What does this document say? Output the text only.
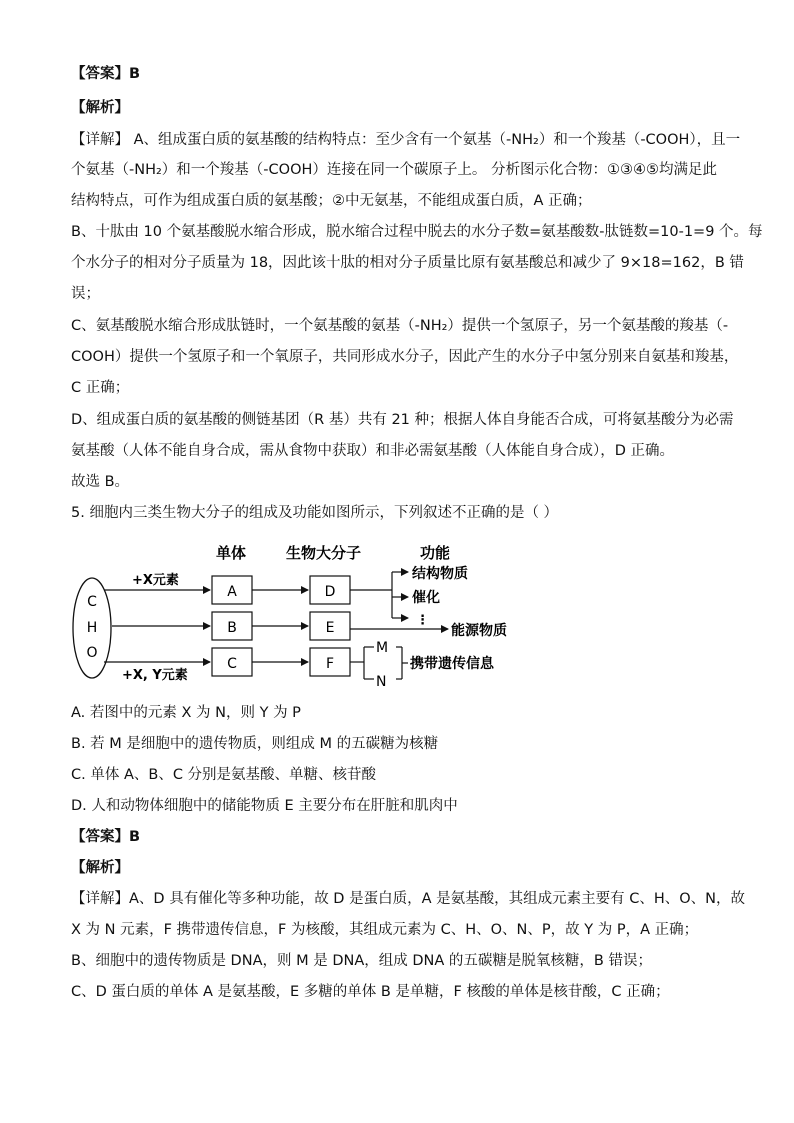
【答案】B
【解析】
【详解】 A、组成蛋白质的氨基酸的结构特点：至少含有一个氨基（-NH₂）和一个羧基（-COOH），且一
个氨基（-NH₂）和一个羧基（-COOH）连接在同一个碳原子上。 分析图示化合物：①③④⑤均满足此
结构特点，可作为组成蛋白质的氨基酸；②中无氨基，不能组成蛋白质，A 正确；
B、十肽由 10 个氨基酸脱水缩合形成，脱水缩合过程中脱去的水分子数=氨基酸数-肽链数=10-1=9 个。每
个水分子的相对分子质量为 18，因此该十肽的相对分子质量比原有氨基酸总和减少了 9×18=162，B 错
误；
C、氨基酸脱水缩合形成肽链时，一个氨基酸的氨基（-NH₂）提供一个氢原子，另一个氨基酸的羧基（-
COOH）提供一个氢原子和一个氧原子，共同形成水分子，因此产生的水分子中氢分别来自氨基和羧基，
C 正确；
D、组成蛋白质的氨基酸的侧链基团（R 基）共有 21 种；根据人体自身能否合成，可将氨基酸分为必需
氨基酸（人体不能自身合成，需从食物中获取）和非必需氨基酸（人体能自身合成），D 正确。
故选 B。
5. 细胞内三类生物大分子的组成及功能如图所示，下列叙述不正确的是（ ）
单体	生物大分子	功能
C
H
O
+X元素
+X, Y元素
A
B
C
D
E
F
结构物质
催化
⋮
能源物质
M
N
携带遗传信息
A. 若图中的元素 X 为 N，则 Y 为 P
B. 若 M 是细胞中的遗传物质，则组成 M 的五碳糖为核糖
C. 单体 A、B、C 分别是氨基酸、单糖、核苷酸
D. 人和动物体细胞中的储能物质 E 主要分布在肝脏和肌肉中
【答案】B
【解析】
【详解】A、D 具有催化等多种功能，故 D 是蛋白质，A 是氨基酸，其组成元素主要有 C、H、O、N，故
X 为 N 元素，F 携带遗传信息，F 为核酸，其组成元素为 C、H、O、N、P，故 Y 为 P，A 正确；
B、细胞中的遗传物质是 DNA，则 M 是 DNA，组成 DNA 的五碳糖是脱氧核糖，B 错误；
C、D 蛋白质的单体 A 是氨基酸，E 多糖的单体 B 是单糖，F 核酸的单体是核苷酸，C 正确；
